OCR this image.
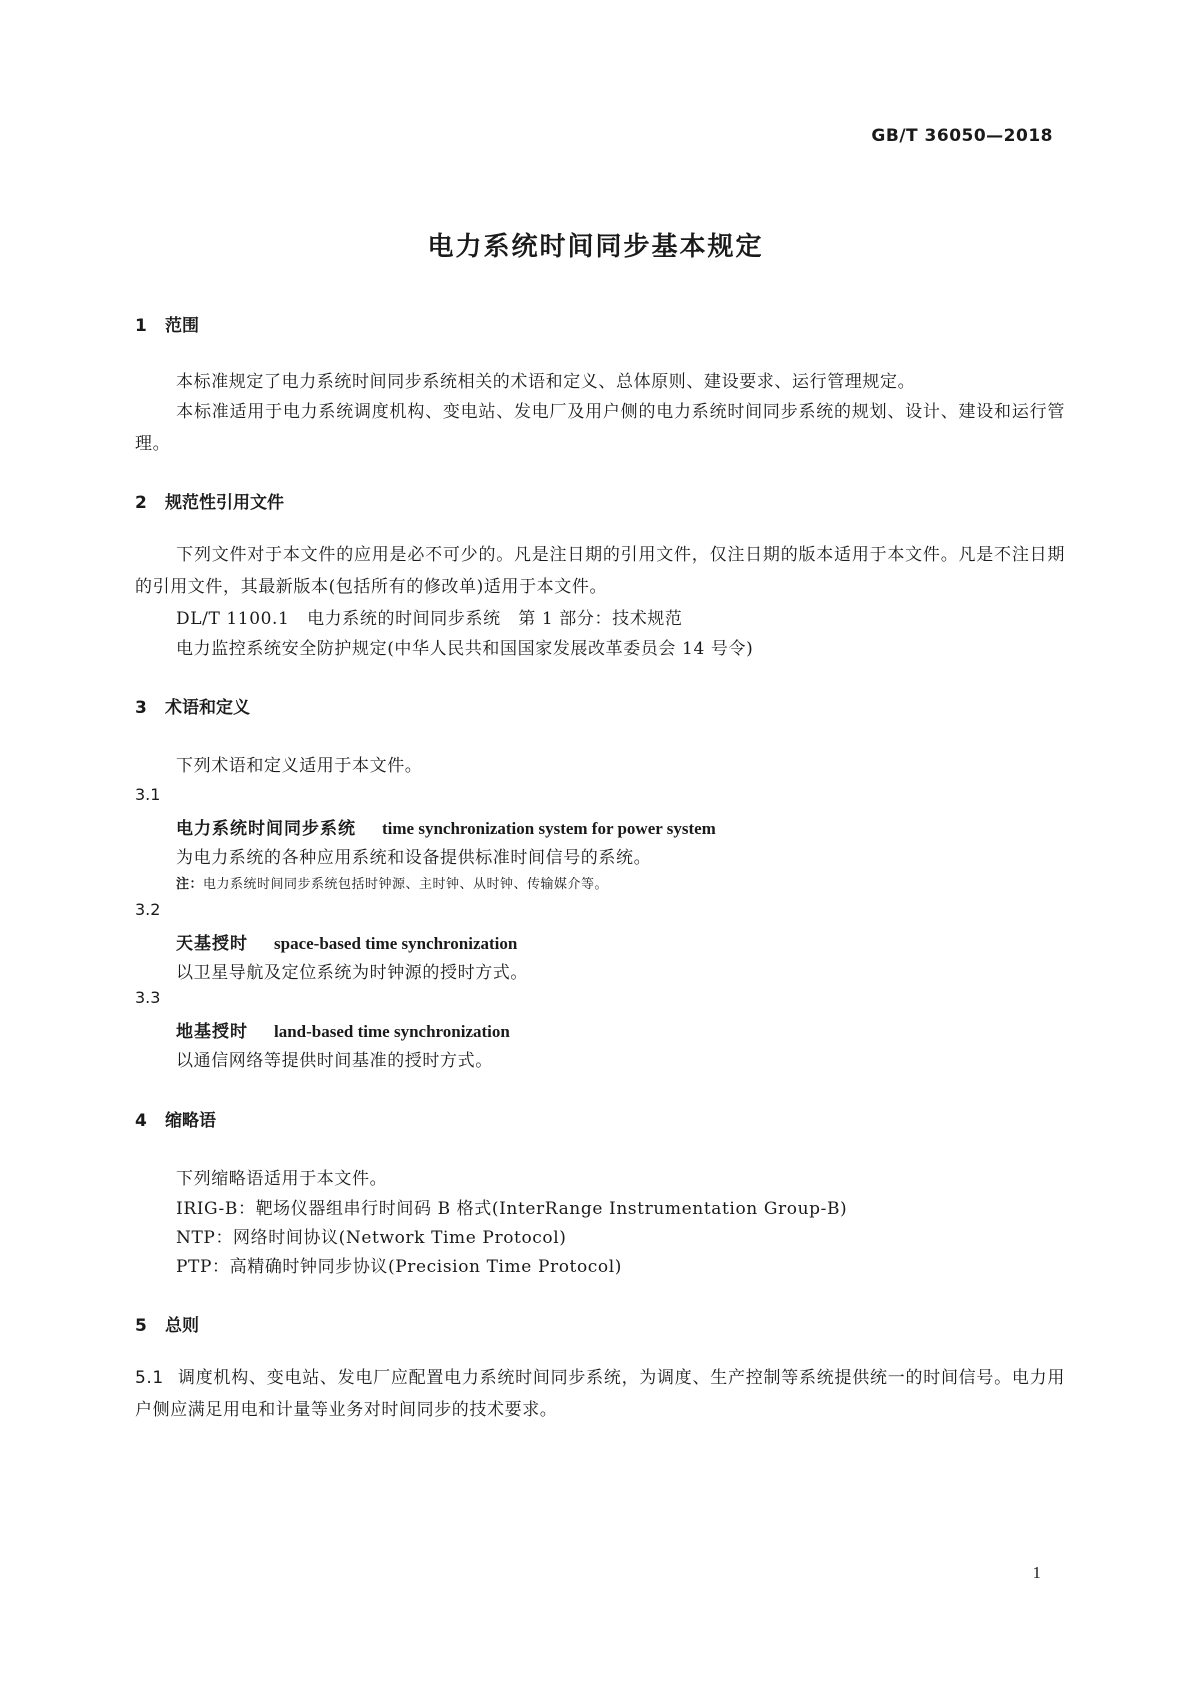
GB/T 36050—2018
电力系统时间同步基本规定
1 范围
本标准规定了电力系统时间同步系统相关的术语和定义、总体原则、建设要求、运行管理规定。
本标准适用于电力系统调度机构、变电站、发电厂及用户侧的电力系统时间同步系统的规划、设计、建设和运行管理。
2 规范性引用文件
下列文件对于本文件的应用是必不可少的。凡是注日期的引用文件，仅注日期的版本适用于本文件。凡是不注日期的引用文件，其最新版本(包括所有的修改单)适用于本文件。
DL/T 1100.1　电力系统的时间同步系统　第 1 部分：技术规范
电力监控系统安全防护规定(中华人民共和国国家发展改革委员会 14 号令)
3 术语和定义
下列术语和定义适用于本文件。
3.1
电力系统时间同步系统 time synchronization system for power system
为电力系统的各种应用系统和设备提供标准时间信号的系统。
注：电力系统时间同步系统包括时钟源、主时钟、从时钟、传输媒介等。
3.2
天基授时 space-based time synchronization
以卫星导航及定位系统为时钟源的授时方式。
3.3
地基授时 land-based time synchronization
以通信网络等提供时间基准的授时方式。
4 缩略语
下列缩略语适用于本文件。
IRIG-B：靶场仪器组串行时间码 B 格式(InterRange Instrumentation Group-B)
NTP：网络时间协议(Network Time Protocol)
PTP：高精确时钟同步协议(Precision Time Protocol)
5 总则
5.1 调度机构、变电站、发电厂应配置电力系统时间同步系统，为调度、生产控制等系统提供统一的时间信号。电力用户侧应满足用电和计量等业务对时间同步的技术要求。
1
